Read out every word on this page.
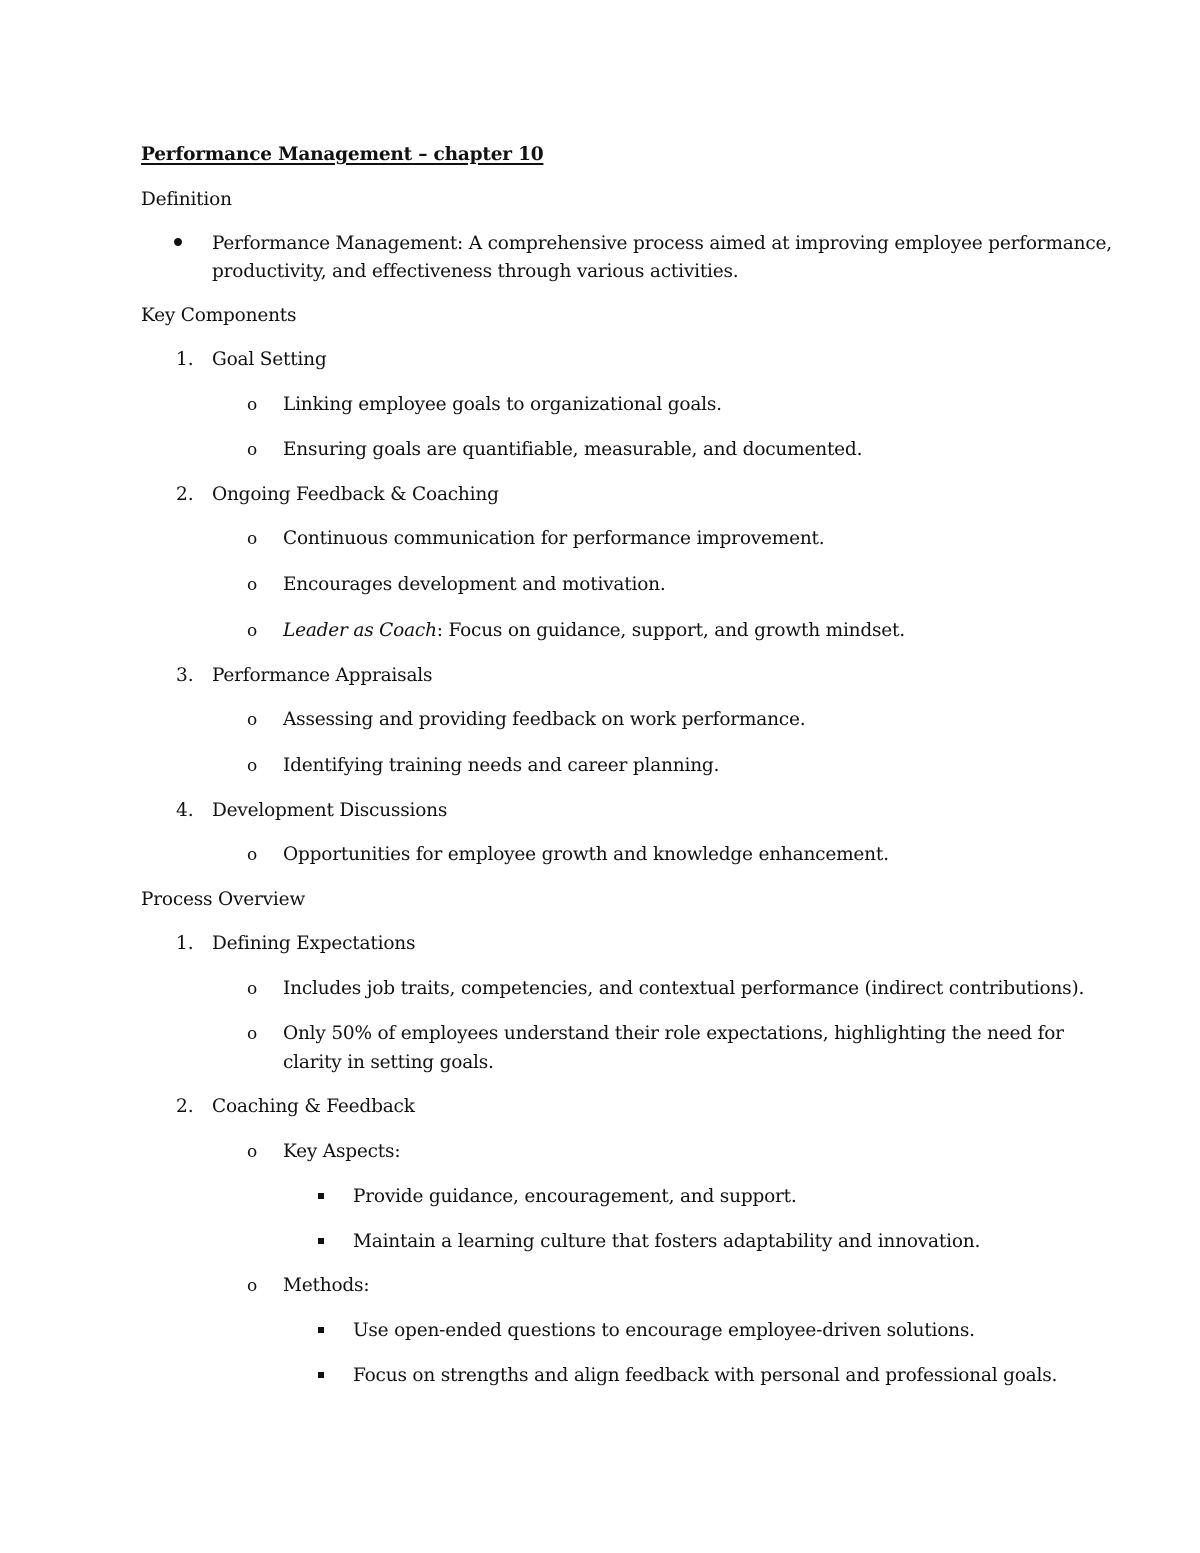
Performance Management – chapter 10
Definition
Performance Management: A comprehensive process aimed at improving employee performance,
productivity, and effectiveness through various activities.
Key Components
1. Goal Setting
o Linking employee goals to organizational goals.
o Ensuring goals are quantifiable, measurable, and documented.
2. Ongoing Feedback & Coaching
o Continuous communication for performance improvement.
o Encourages development and motivation.
o Leader as Coach: Focus on guidance, support, and growth mindset.
3. Performance Appraisals
o Assessing and providing feedback on work performance.
o Identifying training needs and career planning.
4. Development Discussions
o Opportunities for employee growth and knowledge enhancement.
Process Overview
1. Defining Expectations
o Includes job traits, competencies, and contextual performance (indirect contributions).
o Only 50% of employees understand their role expectations, highlighting the need for
clarity in setting goals.
2. Coaching & Feedback
o Key Aspects:
Provide guidance, encouragement, and support.
Maintain a learning culture that fosters adaptability and innovation.
o Methods:
Use open-ended questions to encourage employee-driven solutions.
Focus on strengths and align feedback with personal and professional goals.
